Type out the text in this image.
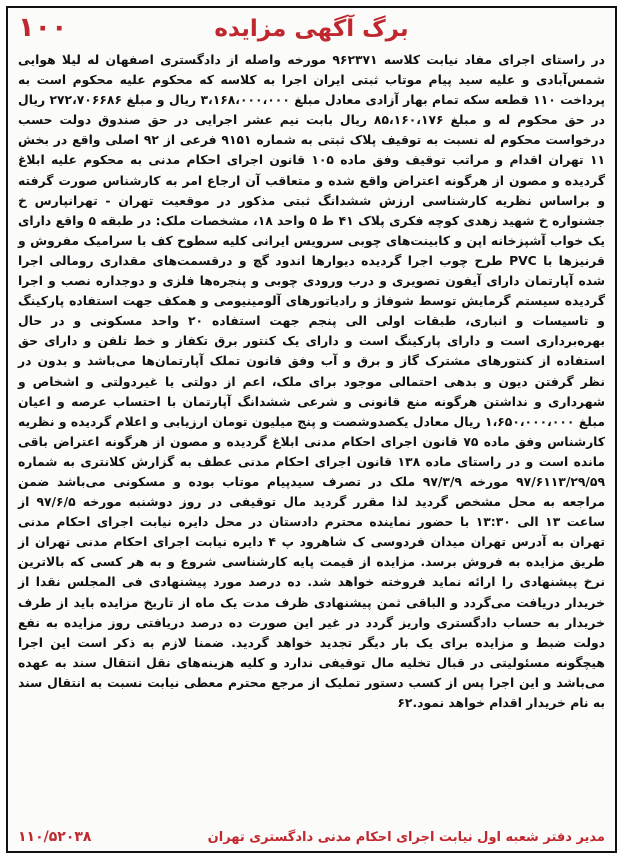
۱۰۰	برگ آگهی مزایده

در راستای اجرای مفاد نیابت کلاسه ۹۶۲۳۷۱ مورخه واصله از دادگستری اصفهان له لیلا هوایی شمس‌آبادی و علیه سید پیام موتاب ثبتی ایران اجرا به کلاسه که محکوم علیه محکوم است به پرداخت ۱۱۰ قطعه سکه تمام بهار آزادی معادل مبلغ ۳،۱۶۸،۰۰۰،۰۰۰ ریال و مبلغ ۲۷۲،۷۰۶۶۸۶ ریال در حق محکوم له و مبلغ ۸۵،۱۶۰،۱۷۶ ریال بابت نیم عشر اجرایی در حق صندوق دولت حسب درخواست محکوم له نسبت به توقیف پلاک ثبتی به شماره ۹۱۵۱ فرعی از ۹۲ اصلی واقع در بخش ۱۱ تهران اقدام و مراتب توقیف وفق ماده ۱۰۵ قانون اجرای احکام مدنی به محکوم علیه ابلاغ گردیده و مصون از هرگونه اعتراض واقع شده و متعاقب آن ارجاع امر به کارشناس صورت گرفته و براساس نظریه کارشناسی ارزش ششدانگ ثبتی مذکور در موقعیت تهران - تهرانپارس خ جشنواره خ شهید زهدی کوچه فکری پلاک ۴۱ ط ۵ واحد ۱۸، مشخصات ملک: در طبقه ۵ واقع دارای یک خواب آشپزخانه اپن و کابینت‌های چوبی سرویس ایرانی کلیه سطوح کف با سرامیک مفروش و قرنیزها با PVC طرح چوب اجرا گردیده دیوارها اندود گچ و درقسمت‌های مقداری رومالی اجرا شده آپارتمان دارای آیفون تصویری و درب ورودی چوبی و پنجره‌ها فلزی و دوجداره نصب و اجرا گردیده سیستم گرمایش توسط شوفاژ و رادیاتورهای آلومینیومی و همکف جهت استفاده پارکینگ و تاسیسات و انباری، طبقات اولی الی پنجم جهت استفاده ۲۰ واحد مسکونی و در حال بهره‌برداری است و دارای پارکینگ است و دارای یک کنتور برق تکفاز و خط تلفن و دارای حق استفاده از کنتورهای مشترک گاز و برق و آب وفق قانون تملک آپارتمان‌ها می‌باشد و بدون در نظر گرفتن دیون و بدهی احتمالی موجود برای ملک، اعم از دولتی یا غیردولتی و اشخاص و شهرداری و نداشتن هرگونه منع قانونی و شرعی ششدانگ آپارتمان با احتساب عرصه و اعیان مبلغ ۱،۶۵۰،۰۰۰،۰۰۰ ریال معادل یکصدوشصت و پنج میلیون تومان ارزیابی و اعلام گردیده و نظریه کارشناس وفق ماده ۷۵ قانون اجرای احکام مدنی ابلاغ گردیده و مصون از هرگونه اعتراض باقی مانده است و در راستای ماده ۱۳۸ قانون اجرای احکام مدنی عطف به گزارش کلانتری به شماره ۹۷/۶۱۱۳/۲۹/۵۹ مورخه ۹۷/۳/۹ ملک در تصرف سیدپیام موتاب بوده و مسکونی می‌باشد ضمن مراجعه به محل مشخص گردید لذا مقرر گردید مال توقیفی در روز دوشنبه مورخه ۹۷/۶/۵ از ساعت ۱۳ الی ۱۳:۳۰ با حضور نماینده محترم دادستان در محل دایره نیابت اجرای احکام مدنی تهران به آدرس تهران میدان فردوسی ک شاهرود پ ۴ دایره نیابت اجرای احکام مدنی تهران از طریق مزایده به فروش برسد. مزایده از قیمت پایه کارشناسی شروع و به هر کسی که بالاترین نرخ پیشنهادی را ارائه نماید فروخته خواهد شد. ده درصد مورد پیشنهادی فی المجلس نقدا از خریدار دریافت می‌گردد و الباقی ثمن پیشنهادی ظرف مدت یک ماه از تاریخ مزایده باید از طرف خریدار به حساب دادگستری واریز گردد در غیر این صورت ده درصد دریافتی روز مزایده به نفع دولت ضبط و مزایده برای یک بار دیگر تجدید خواهد گردید. ضمنا لازم به ذکر است این اجرا هیچگونه مسئولیتی در قبال تخلیه مال توقیفی ندارد و کلیه هزینه‌های نقل انتقال سند به عهده می‌باشد و این اجرا پس از کسب دستور تملیک از مرجع محترم معطی نیابت نسبت به انتقال سند به نام خریدار اقدام خواهد نمود.۶۲

مدیر دفتر شعبه اول نیابت اجرای احکام مدنی دادگستری تهران
۱۱۰/۵۲۰۳۸
